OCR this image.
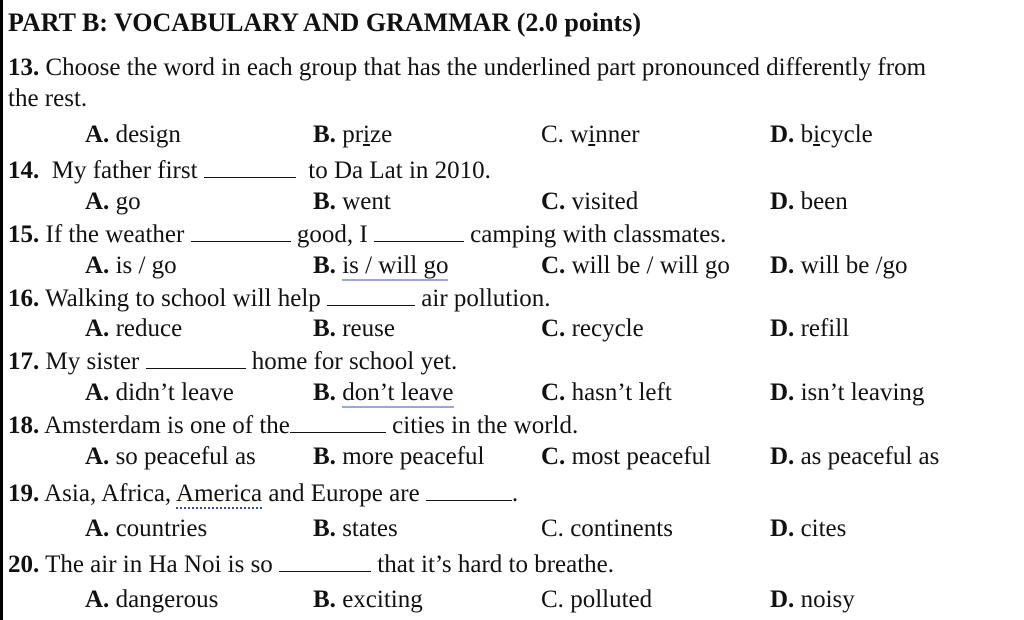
PART B: VOCABULARY AND GRAMMAR (2.0 points)
13. Choose the word in each group that has the underlined part pronounced differently from
the rest.
A. design	B. prize	C. winner	D. bicycle
14. My father first	to Da Lat in 2010.
A. go	B. went	C. visited	D. been
15. If the weather	good, I	camping with classmates.
A. is / go	B. is / will go	C. will be / will go D. will be /go
16. Walking to school will help	air pollution.
A. reduce	B. reuse	C. recycle	D. refill
17. My sister	home for school yet.
A. didn’t leave	B. don’t leave	C. hasn’t left	D. isn’t leaving
18. Amsterdam is one of the	cities in the world.
A. so peaceful as B. more peaceful C. most peaceful D. as peaceful as
19. Asia, Africa, America and Europe are	.
A. countries	B. states	C. continents	D. cites
20. The air in Ha Noi is so	that it’s hard to breathe.
A. dangerous	B. exciting	C. polluted	D. noisy
